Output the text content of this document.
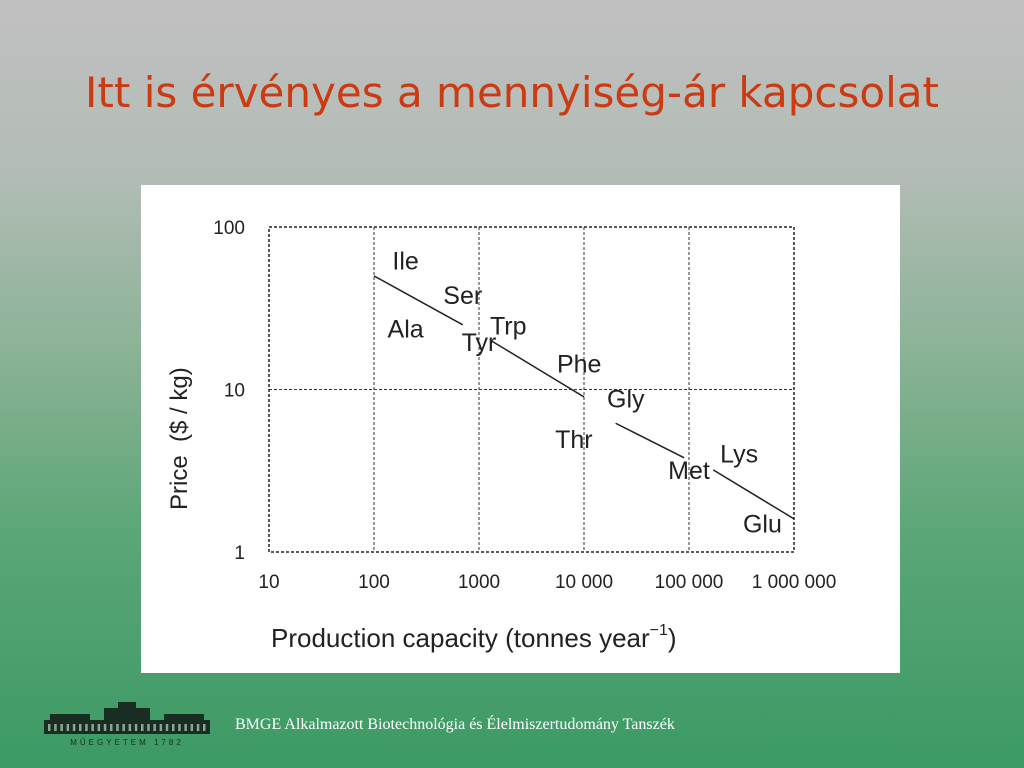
Itt is érvényes a mennyiség-ár kapcsolat
10	100	1000	10 000 100 000 1 000 000
1
10
100
Ile
Ser
Trp
Ala Tyr
Phe
Gly
Thr
Lys
Met
Glu
Production capacity (tonnes year$^{-1}$)
Price  ($ / kg)
MŰEGYETEM 1782
BMGE Alkalmazott Biotechnológia és Élelmiszertudomány Tanszék
